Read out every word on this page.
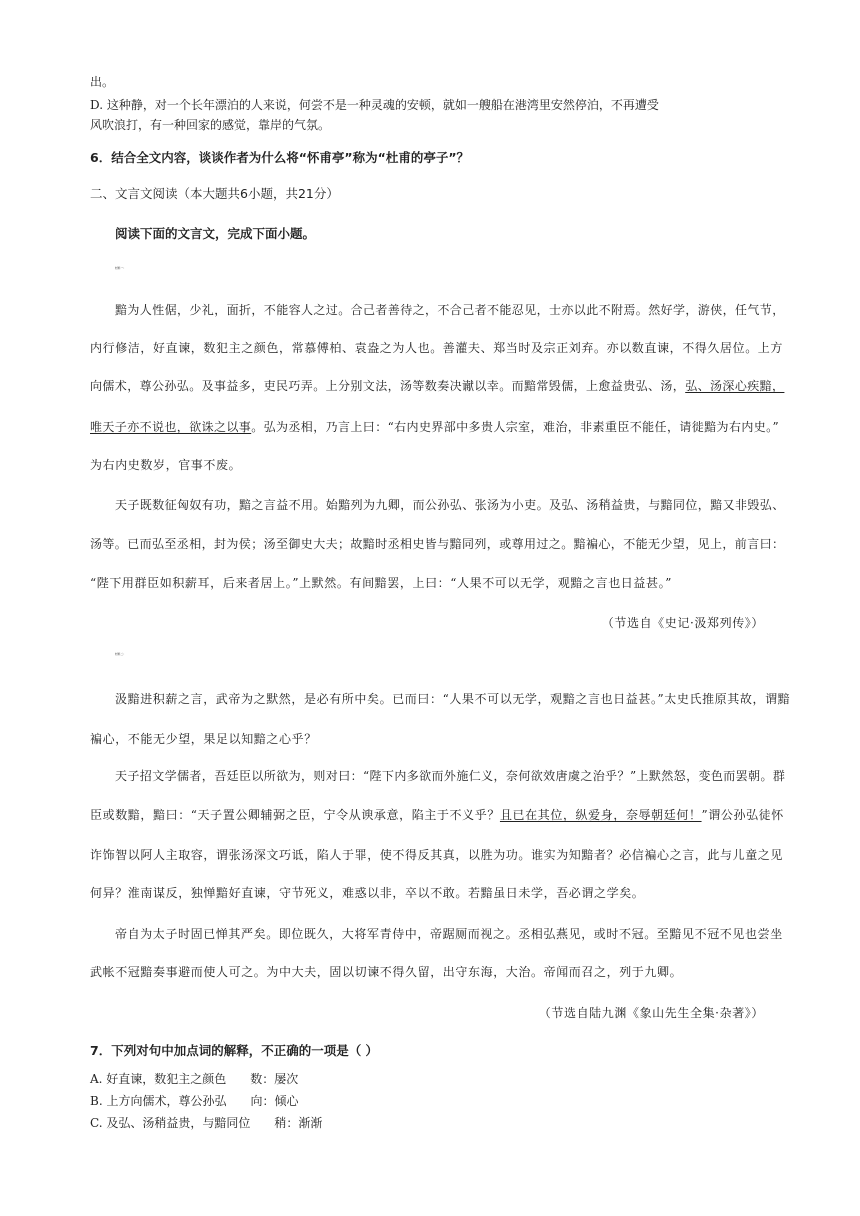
出。
D. 这种静，对一个长年漂泊的人来说，何尝不是一种灵魂的安顿，就如一艘船在港湾里安然停泊，不再遭受
风吹浪打，有一种回家的感觉，靠岸的气氛。
6．结合全文内容，谈谈作者为什么将“怀甫亭”称为“杜甫的亭子”？
二、文言文阅读（本大题共6小题，共21分）
阅读下面的文言文，完成下面小题。
材料一：
黯为人性倨，少礼，面折，不能容人之过。合己者善待之，不合己者不能忍见，士亦以此不附焉。然好学，游侠，任气节，
内行修洁，好直谏，数犯主之颜色，常慕傅柏、袁盎之为人也。善灌夫、郑当时及宗正刘弃。亦以数直谏，不得久居位。上方
向儒术，尊公孙弘。及事益多，吏民巧弄。上分别文法，汤等数奏决谳以幸。而黯常毁儒，上愈益贵弘、汤，弘、汤深心疾黯，
唯天子亦不说也，欲诛之以事。弘为丞相，乃言上曰：“右内史界部中多贵人宗室，难治，非素重臣不能任，请徙黯为右内史。”
为右内史数岁，官事不废。
天子既数征匈奴有功，黯之言益不用。始黯列为九卿，而公孙弘、张汤为小吏。及弘、汤稍益贵，与黯同位，黯又非毁弘、
汤等。已而弘至丞相，封为侯；汤至御史大夫；故黯时丞相史皆与黯同列，或尊用过之。黯褊心，不能无少望，见上，前言曰：
“陛下用群臣如积薪耳，后来者居上。”上默然。有间黯罢，上曰：“人果不可以无学，观黯之言也日益甚。”
（节选自《史记·汲郑列传》）
材料二：
汲黯进积薪之言，武帝为之默然，是必有所中矣。已而曰：“人果不可以无学，观黯之言也日益甚。”太史氏推原其故，谓黯
褊心，不能无少望，果足以知黯之心乎？
天子招文学儒者，吾廷臣以所欲为，则对曰：“陛下内多欲而外施仁义，奈何欲效唐虞之治乎？”上默然怒，变色而罢朝。群
臣或数黯，黯曰：“天子置公卿辅弼之臣，宁令从谀承意，陷主于不义乎？且已在其位，纵爱身，奈辱朝廷何！”谓公孙弘徒怀
诈饰智以阿人主取容，谓张汤深文巧诋，陷人于罪，使不得反其真，以胜为功。谁实为知黯者？必信褊心之言，此与儿童之见
何异？淮南谋反，独惮黯好直谏，守节死义，难惑以非，卒以不敢。若黯虽日未学，吾必谓之学矣。
帝自为太子时固已惮其严矣。即位既久，大将军青侍中，帝踞厕而视之。丞相弘燕见，或时不冠。至黯见不冠不见也尝坐
武帐不冠黯奏事避而使人可之。为中大夫，固以切谏不得久留，出守东海，大治。帝闻而召之，列于九卿。
（节选自陆九渊《象山先生全集·杂著》）
7．下列对句中加点词的解释，不正确的一项是（ ）
A. 好直谏，数犯主之颜色 数：屡次
B. 上方向儒术，尊公孙弘 向：倾心
C. 及弘、汤稍益贵，与黯同位 稍：渐渐
